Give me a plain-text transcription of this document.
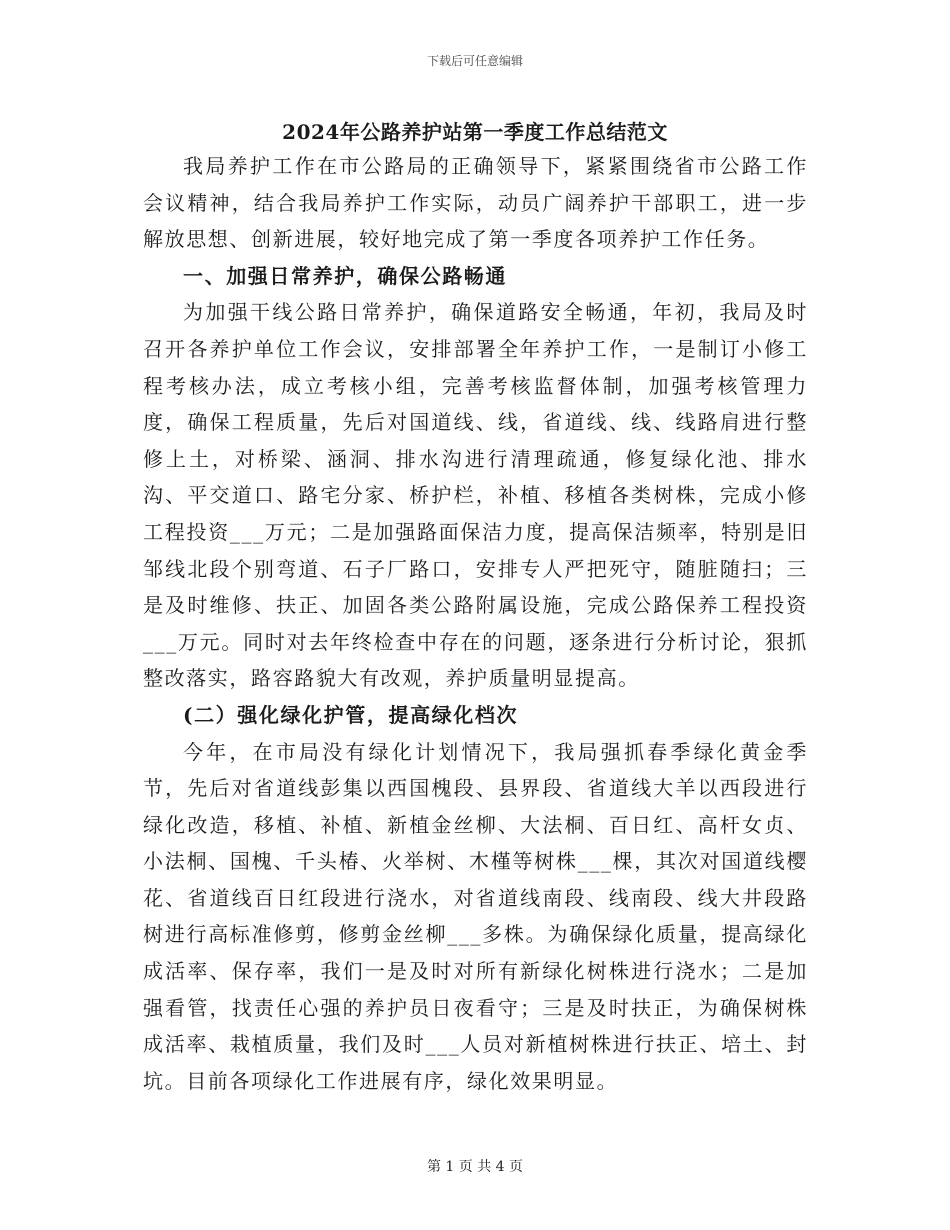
下载后可任意编辑
2024年公路养护站第一季度工作总结范文

我局养护工作在市公路局的正确领导下，紧紧围绕省市公路工作会议精神，结合我局养护工作实际，动员广阔养护干部职工，进一步解放思想、创新进展，较好地完成了第一季度各项养护工作任务。

一、加强日常养护，确保公路畅通

为加强干线公路日常养护，确保道路安全畅通，年初，我局及时召开各养护单位工作会议，安排部署全年养护工作，一是制订小修工程考核办法，成立考核小组，完善考核监督体制，加强考核管理力度，确保工程质量，先后对国道线、线，省道线、线、线路肩进行整修上土，对桥梁、涵洞、排水沟进行清理疏通，修复绿化池、排水沟、平交道口、路宅分家、桥护栏，补植、移植各类树株，完成小修工程投资___万元；二是加强路面保洁力度，提高保洁频率，特别是旧邹线北段个别弯道、石子厂路口，安排专人严把死守，随脏随扫；三是及时维修、扶正、加固各类公路附属设施，完成公路保养工程投资___万元。同时对去年终检查中存在的问题，逐条进行分析讨论，狠抓整改落实，路容路貌大有改观，养护质量明显提高。

(二）强化绿化护管，提高绿化档次

今年，在市局没有绿化计划情况下，我局强抓春季绿化黄金季节，先后对省道线彭集以西国槐段、县界段、省道线大羊以西段进行绿化改造，移植、补植、新植金丝柳、大法桐、百日红、高杆女贞、小法桐、国槐、千头椿、火举树、木槿等树株___棵，其次对国道线樱花、省道线百日红段进行浇水，对省道线南段、线南段、线大井段路树进行高标准修剪，修剪金丝柳___多株。为确保绿化质量，提高绿化成活率、保存率，我们一是及时对所有新绿化树株进行浇水；二是加强看管，找责任心强的养护员日夜看守；三是及时扶正，为确保树株成活率、栽植质量，我们及时___人员对新植树株进行扶正、培土、封坑。目前各项绿化工作进展有序，绿化效果明显。

第 1 页 共 4 页
